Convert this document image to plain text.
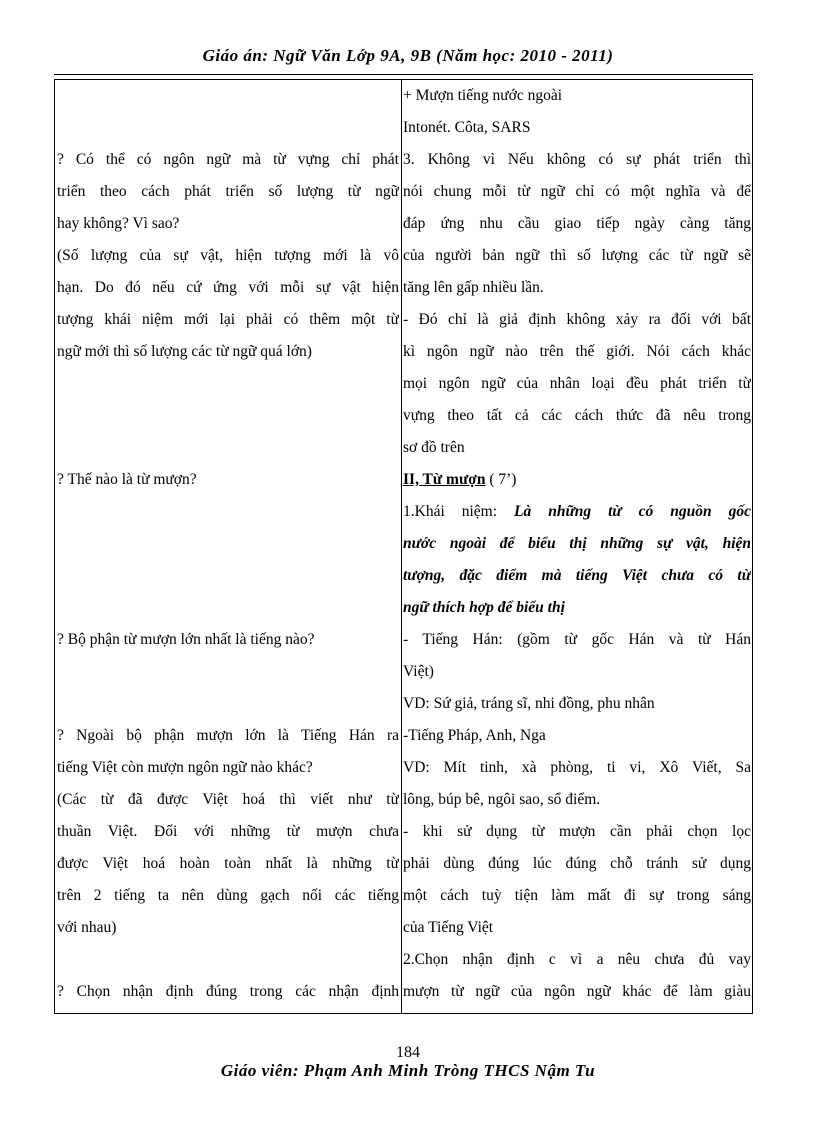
Giáo án: Ngữ Văn Lớp 9A, 9B (Năm học: 2010 - 2011)
? Có thể có ngôn ngữ mà từ vựng chỉ phát
triển theo cách phát triển số lượng từ ngữ
hay không? Vì sao?
(Số lượng của sự vật, hiện tượng mới là vô
hạn. Do đó nếu cứ ứng với mỗi sự vật hiện
tượng khái niệm mới lại phải có thêm một từ
ngữ mới thì số lượng các từ ngữ quá lớn)
? Thế nào là từ mượn?
? Bộ phận từ mượn lớn nhất là tiếng nào?
? Ngoài bộ phận mượn lớn là Tiếng Hán ra
tiếng Việt còn mượn ngôn ngữ nào khác?
(Các từ đã được Việt hoá thì viết như từ
thuần Việt. Đối với những từ mượn chưa
được Việt hoá hoàn toàn nhất là những từ
trên 2 tiếng ta nên dùng gạch nối các tiếng
với nhau)
? Chọn nhận định đúng trong các nhận định
+ Mượn tiếng nước ngoài
Intonét. Côta, SARS
3. Không vì Nếu không có sự phát triển thì
nói chung mỗi từ ngữ chỉ có một nghĩa và để
đáp ứng nhu cầu giao tiếp ngày càng tăng
của người bản ngữ thì số lượng các từ ngữ sẽ
tăng lên gấp nhiều lần.
- Đó chỉ là giả định không xảy ra đối với bất
kì ngôn ngữ nào trên thế giới. Nói cách khác
mọi ngôn ngữ của nhân loại đều phát triển từ
vựng theo tất cả các cách thức đã nêu trong
sơ đồ trên
II, Từ mượn ( 7’)
1.Khái niệm: Là những từ có nguồn gốc
nước ngoài để biểu thị những sự vật, hiện
tượng, đặc điểm mà tiếng Việt chưa có từ
ngữ thích hợp để biểu thị
- Tiếng Hán: (gồm từ gốc Hán và từ Hán
Việt)
VD: Sứ giả, tráng sĩ, nhi đồng, phu nhân
-Tiếng Pháp, Anh, Nga
VD: Mít tinh, xà phòng, ti vi, Xô Viết, Sa
lông, búp bê, ngôi sao, sổ điểm.
- khi sử dụng từ mượn cần phải chọn lọc
phải dùng đúng lúc đúng chỗ tránh sử dụng
một cách tuỳ tiện làm mất đi sự trong sáng
của Tiếng Việt
2.Chọn nhận định c vì a nêu chưa đủ vay
mượn từ ngữ của ngôn ngữ khác để làm giàu
184
Giáo viên: Phạm Anh Minh Tròng THCS Nậm Tu
